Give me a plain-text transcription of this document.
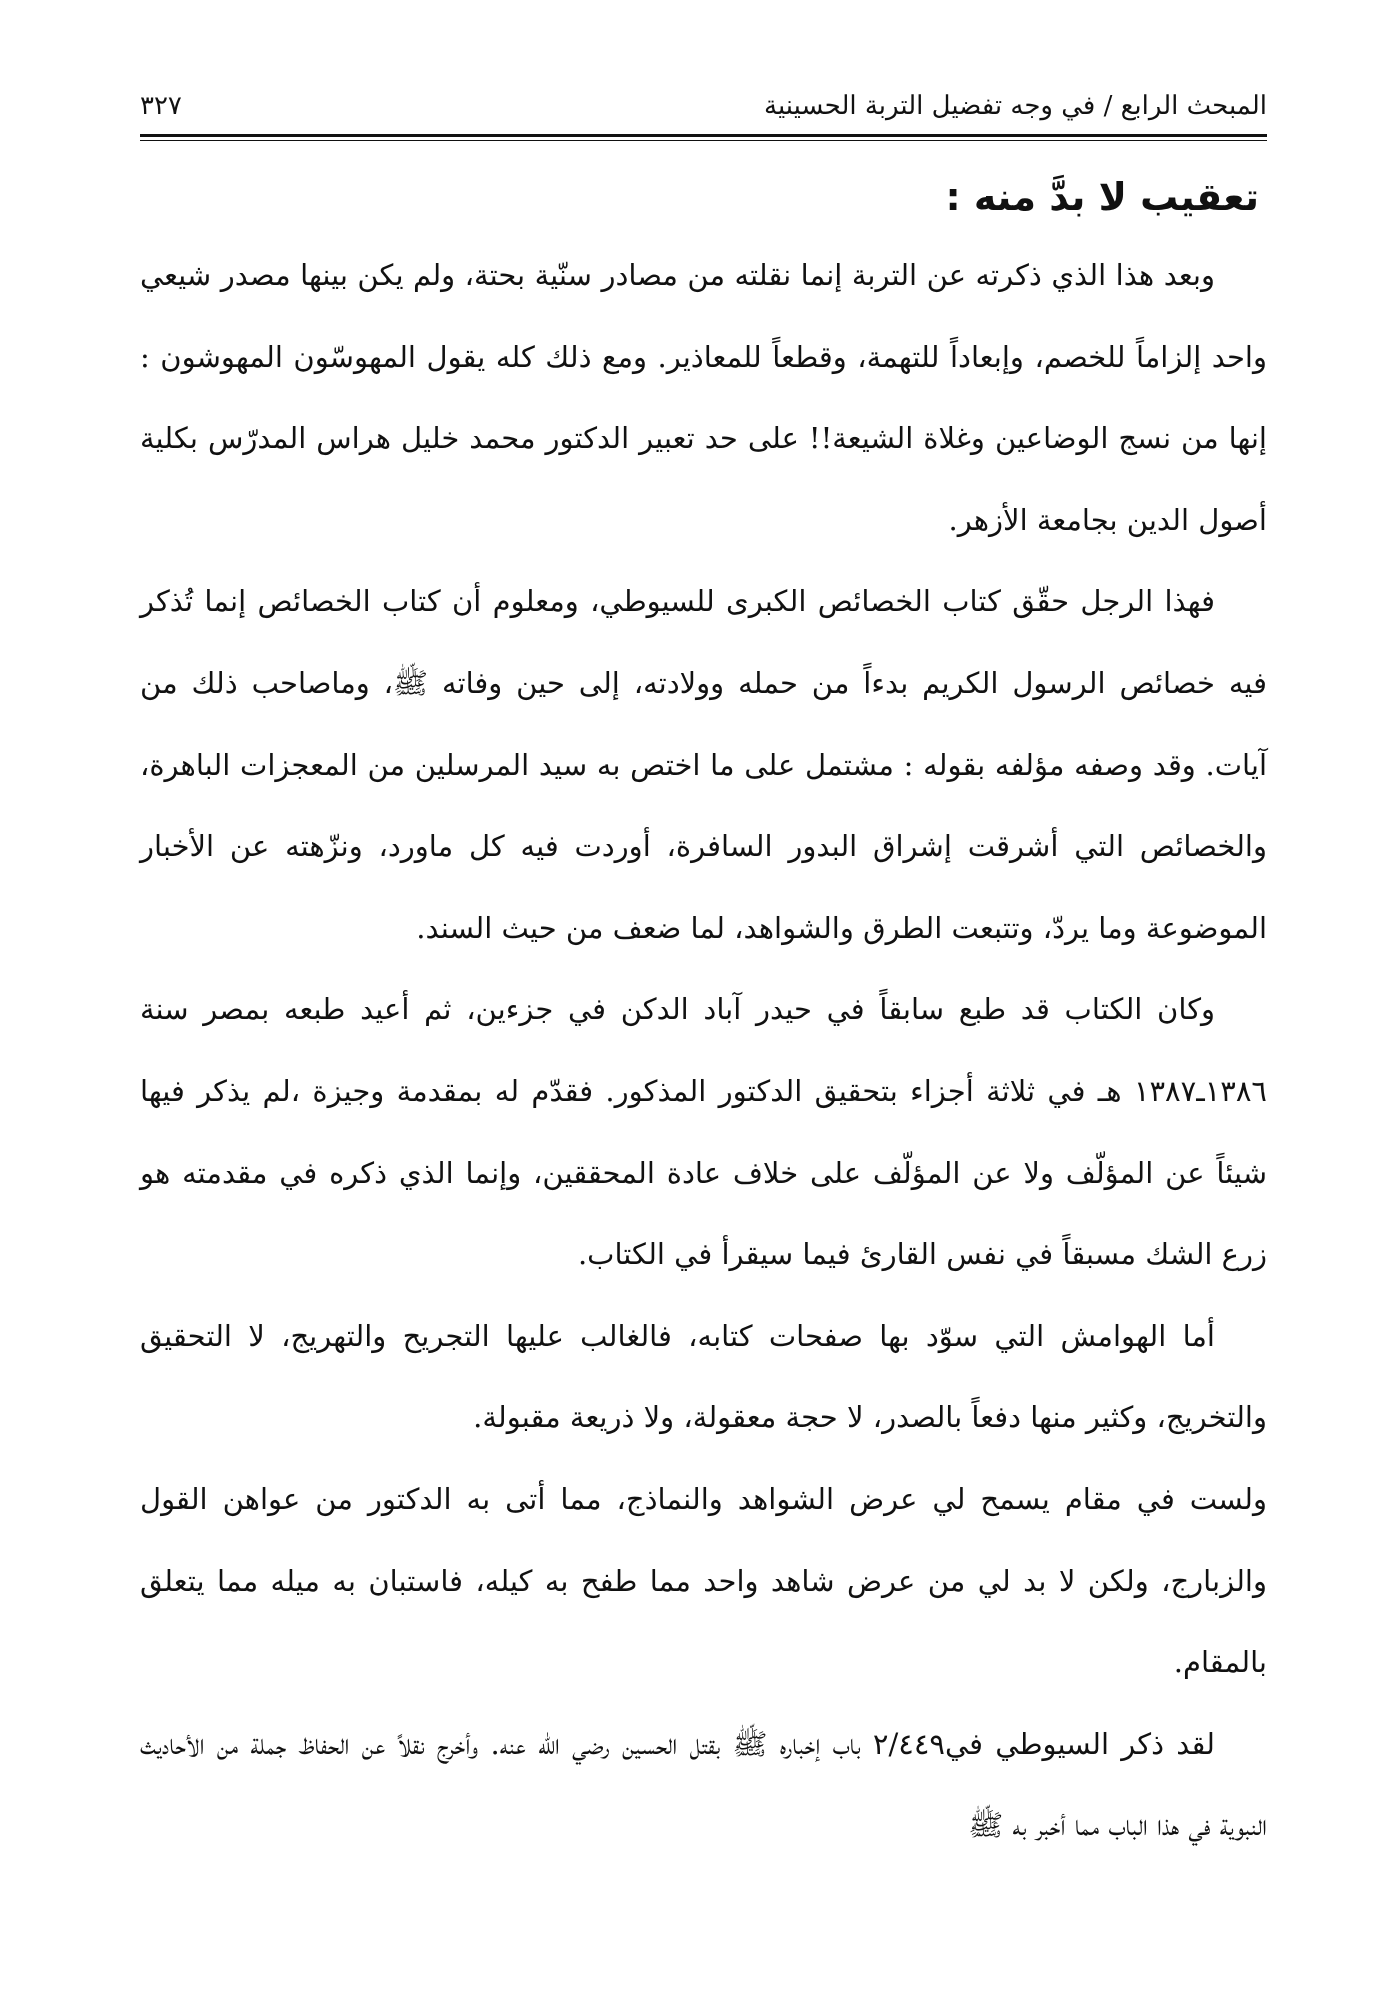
المبحث الرابع / في وجه تفضيل التربة الحسينية
٣٢٧
تعقيب لا بدَّ منه :

وبعد هذا الذي ذكرته عن التربة إنما نقلته من مصادر سنّية بحتة، ولم يكن بينها مصدر شيعي واحد إلزاماً للخصم، وإبعاداً للتهمة، وقطعاً للمعاذير. ومع ذلك كله يقول المهوسّون المهوشون : إنها من نسج الوضاعين وغلاة الشيعة!! على حد تعبير الدكتور محمد خليل هراس المدرّس بكلية أصول الدين بجامعة الأزهر.

فهذا الرجل حقّق كتاب الخصائص الكبرى للسيوطي، ومعلوم أن كتاب الخصائص إنما تُذكر فيه خصائص الرسول الكريم بدءاً من حمله وولادته، إلى حين وفاته ﷺ، وماصاحب ذلك من آيات. وقد وصفه مؤلفه بقوله : مشتمل على ما اختص به سيد المرسلين من المعجزات الباهرة، والخصائص التي أشرقت إشراق البدور السافرة، أوردت فيه كل ماورد، ونزّهته عن الأخبار الموضوعة وما يردّ، وتتبعت الطرق والشواهد، لما ضعف من حيث السند.

وكان الكتاب قد طبع سابقاً في حيدر آباد الدكن في جزءين، ثم أعيد طبعه بمصر سنة ١٣٨٦ـ١٣٨٧ هـ في ثلاثة أجزاء بتحقيق الدكتور المذكور. فقدّم له بمقدمة وجيزة ،لم يذكر فيها شيئاً عن المؤلّف ولا عن المؤلّف على خلاف عادة المحققين، وإنما الذي ذكره في مقدمته هو زرع الشك مسبقاً في نفس القارئ فيما سيقرأ في الكتاب.

أما الهوامش التي سوّد بها صفحات كتابه، فالغالب عليها التجريح والتهريج، لا التحقيق والتخريج، وكثير منها دفعاً بالصدر، لا حجة معقولة، ولا ذريعة مقبولة.

ولست في مقام يسمح لي عرض الشواهد والنماذج، مما أتى به الدكتور من عواهن القول والزبارج، ولكن لا بد لي من عرض شاهد واحد مما طفح به كيله، فاستبان به ميله مما يتعلق بالمقام.

لقد ذكر السيوطي في٢/٤٤٩ باب إخباره ﷺ بقتل الحسين رضي الله عنه. وأخرج نقلاً عن الحفاظ جملة من الأحاديث النبوية في هذا الباب مما أخبر به ﷺ
